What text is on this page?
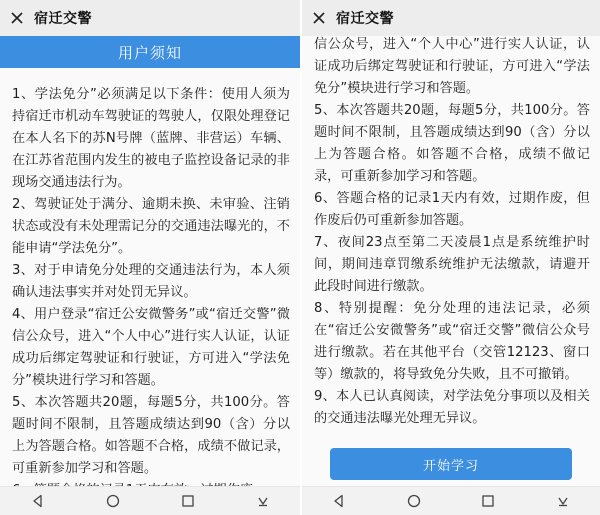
宿迁交警
用户须知

1、学法免分”必须满足以下条件：使用人须为持宿迁市机动车驾驶证的驾驶人，仅限处理登记在本人名下的苏N号牌（蓝牌、非营运）车辆、在江苏省范围内发生的被电子监控设备记录的非现场交通违法行为。

2、驾驶证处于满分、逾期未换、未审验、注销状态或没有未处理需记分的交通违法曝光的，不能申请“学法免分”。

3、对于申请免分处理的交通违法行为，本人须确认违法事实并对处罚无异议。

4、用户登录“宿迁公安微警务”或“宿迁交警”微信公众号，进入“个人中心”进行实人认证，认证成功后绑定驾驶证和行驶证，方可进入“学法免分”模块进行学习和答题。

5、本次答题共20题，每题5分，共100分。答题时间不限制，且答题成绩达到90（含）分以上为答题合格。如答题不合格，成绩不做记录，可重新参加学习和答题。

宿迁交警

信公众号，进入“个人中心”进行实人认证，认证成功后绑定驾驶证和行驶证，方可进入“学法免分”模块进行学习和答题。

5、本次答题共20题，每题5分，共100分。答题时间不限制，且答题成绩达到90（含）分以上为答题合格。如答题不合格，成绩不做记录，可重新参加学习和答题。

6、答题合格的记录1天内有效，过期作废，但作废后仍可重新参加答题。

7、夜间23点至第二天凌晨1点是系统维护时间，期间违章罚缴系统维护无法缴款，请避开此段时间进行缴款。

8、特别提醒：免分处理的违法记录，必须在“宿迁公安微警务”或“宿迁交警”微信公众号进行缴款。若在其他平台（交管12123、窗口等）缴款的，将导致免分失败，且不可撤销。

9、本人已认真阅读，对学法免分事项以及相关的交通违法曝光处理无异议。

开始学习
